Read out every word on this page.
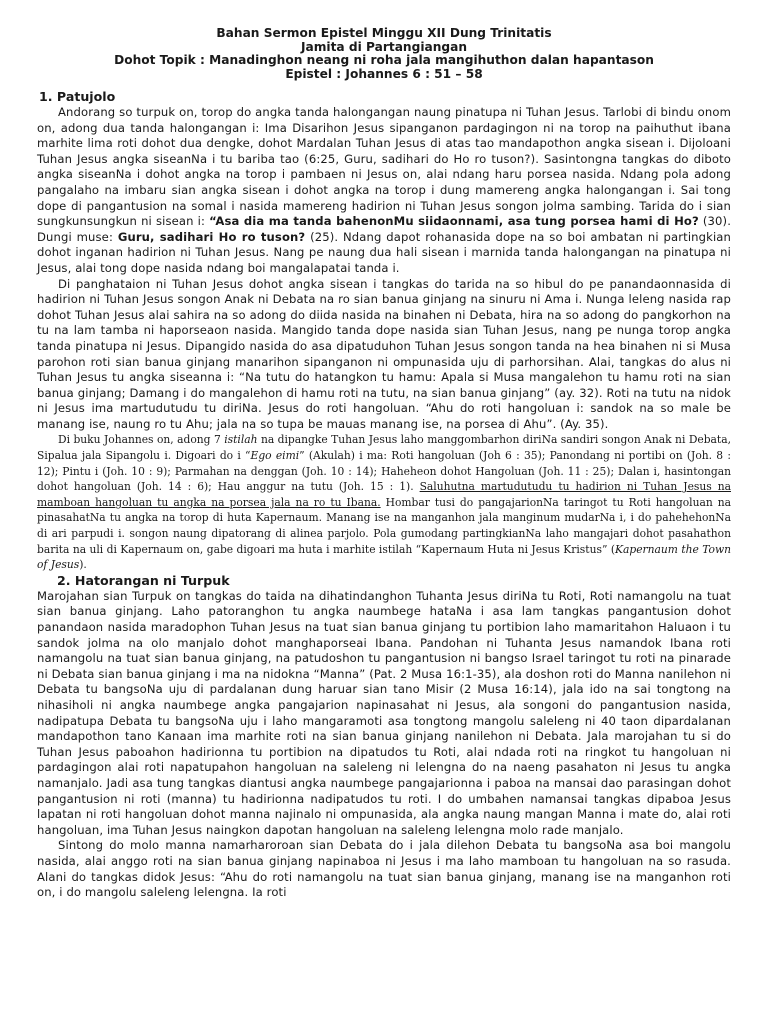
Bahan Sermon Epistel Minggu XII Dung Trinitatis
Jamita di Partangiangan
Dohot Topik : Manadinghon neang ni roha jala mangihuthon dalan hapantason
Epistel : Johannes 6 : 51 – 58
1. Patujolo

Andorang so turpuk on, torop do angka tanda halongangan naung pinatupa ni Tuhan Jesus. Tarlobi di bindu onom on, adong dua tanda halongangan i: Ima Disarihon Jesus sipanganon pardagingon ni na torop na paihuthut ibana marhite lima roti dohot dua dengke, dohot Mardalan Tuhan Jesus di atas tao mandapothon angka sisean i. Dijoloani Tuhan Jesus angka siseanNa i tu bariba tao (6:25, Guru, sadihari do Ho ro tuson?). Sasintongna tangkas do diboto angka siseanNa i dohot angka na torop i pambaen ni Jesus on, alai ndang haru porsea nasida. Ndang pola adong pangalaho na imbaru sian angka sisean i dohot angka na torop i dung mamereng angka halongangan i. Sai tong dope di pangantusion na somal i nasida mamereng hadirion ni Tuhan Jesus songon jolma sambing. Tarida do i sian sungkunsungkun ni sisean i: “Asa dia ma tanda bahenonMu siidaonnami, asa tung porsea hami di Ho? (30). Dungi muse: Guru, sadihari Ho ro tuson? (25). Ndang dapot rohanasida dope na so boi ambatan ni partingkian dohot inganan hadirion ni Tuhan Jesus. Nang pe naung dua hali sisean i marnida tanda halongangan na pinatupa ni Jesus, alai tong dope nasida ndang boi mangalapatai tanda i.

Di panghataion ni Tuhan Jesus dohot angka sisean i tangkas do tarida na so hibul do pe panandaonnasida di hadirion ni Tuhan Jesus songon Anak ni Debata na ro sian banua ginjang na sinuru ni Ama i. Nunga leleng nasida rap dohot Tuhan Jesus alai sahira na so adong do diida nasida na binahen ni Debata, hira na so adong do pangkorhon na tu na lam tamba ni haporseaon nasida. Mangido tanda dope nasida sian Tuhan Jesus, nang pe nunga torop angka tanda pinatupa ni Jesus. Dipangido nasida do asa dipatuduhon Tuhan Jesus songon tanda na hea binahen ni si Musa parohon roti sian banua ginjang manarihon sipanganon ni ompunasida uju di parhorsihan. Alai, tangkas do alus ni Tuhan Jesus tu angka siseanna i: “Na tutu do hatangkon tu hamu: Apala si Musa mangalehon tu hamu roti na sian banua ginjang; Damang i do mangalehon di hamu roti na tutu, na sian banua ginjang” (ay. 32). Roti na tutu na nidok ni Jesus ima martudutudu tu diriNa. Jesus do roti hangoluan. “Ahu do roti hangoluan i: sandok na so male be manang ise, naung ro tu Ahu; jala na so tupa be mauas manang ise, na porsea di Ahu”. (Ay. 35).

Di buku Johannes on, adong 7 istilah na dipangke Tuhan Jesus laho manggombarhon diriNa sandiri songon Anak ni Debata, Sipalua jala Sipangolu i. Digoari do i “Ego eimi” (Akulah) i ma: Roti hangoluan (Joh 6 : 35); Panondang ni portibi on (Joh. 8 : 12); Pintu i (Joh. 10 : 9); Parmahan na denggan (Joh. 10 : 14); Haheheon dohot Hangoluan (Joh. 11 : 25); Dalan i, hasintongan dohot hangoluan (Joh. 14 : 6); Hau anggur na tutu (Joh. 15 : 1). Saluhutna martudutudu tu hadirion ni Tuhan Jesus na mamboan hangoluan tu angka na porsea jala na ro tu Ibana. Hombar tusi do pangajarionNa taringot tu Roti hangoluan na pinasahatNa tu angka na torop di huta Kapernaum. Manang ise na manganhon jala manginum mudarNa i, i do pahehehonNa di ari parpudi i. songon naung dipatorang di alinea parjolo. Pola gumodang partingkianNa laho mangajari dohot pasahathon barita na uli di Kapernaum on, gabe digoari ma huta i marhite istilah “Kapernaum Huta ni Jesus Kristus” (Kapernaum the Town of Jesus).

2. Hatorangan ni Turpuk

Marojahan sian Turpuk on tangkas do taida na dihatindanghon Tuhanta Jesus diriNa tu Roti, Roti namangolu na tuat sian banua ginjang. Laho patoranghon tu angka naumbege hataNa i asa lam tangkas pangantusion dohot panandaon nasida maradophon Tuhan Jesus na tuat sian banua ginjang tu portibion laho mamaritahon Haluaon i tu sandok jolma na olo manjalo dohot manghaporseai Ibana. Pandohan ni Tuhanta Jesus namandok Ibana roti namangolu na tuat sian banua ginjang, na patudoshon tu pangantusion ni bangso Israel taringot tu roti na pinarade ni Debata sian banua ginjang i ma na nidokna “Manna” (Pat. 2 Musa 16:1-35), ala doshon roti do Manna nanilehon ni Debata tu bangsoNa uju di pardalanan dung haruar sian tano Misir (2 Musa 16:14), jala ido na sai tongtong na nihasiholi ni angka naumbege angka pangajarion napinasahat ni Jesus, ala songoni do pangantusion nasida, nadipatupa Debata tu bangsoNa uju i laho mangaramoti asa tongtong mangolu saleleng ni 40 taon dipardalanan mandapothon tano Kanaan ima marhite roti na sian banua ginjang nanilehon ni Debata. Jala marojahan tu si do Tuhan Jesus paboahon hadirionna tu portibion na dipatudos tu Roti, alai ndada roti na ringkot tu hangoluan ni pardagingon alai roti napatupahon hangoluan na saleleng ni lelengna do na naeng pasahaton ni Jesus tu angka namanjalo. Jadi asa tung tangkas diantusi angka naumbege pangajarionna i paboa na mansai dao parasingan dohot pangantusion ni roti (manna) tu hadirionna nadipatudos tu roti. I do umbahen namansai tangkas dipaboa Jesus lapatan ni roti hangoluan dohot manna najinalo ni ompunasida, ala angka naung mangan Manna i mate do, alai roti hangoluan, ima Tuhan Jesus naingkon dapotan hangoluan na saleleng lelengna molo rade manjalo.

Sintong do molo manna namarharoroan sian Debata do i jala dilehon Debata tu bangsoNa asa boi mangolu nasida, alai anggo roti na sian banua ginjang napinaboa ni Jesus i ma laho mamboan tu hangoluan na so rasuda. Alani do tangkas didok Jesus: “Ahu do roti namangolu na tuat sian banua ginjang, manang ise na manganhon roti on, i do mangolu saleleng lelengna. Ia roti
